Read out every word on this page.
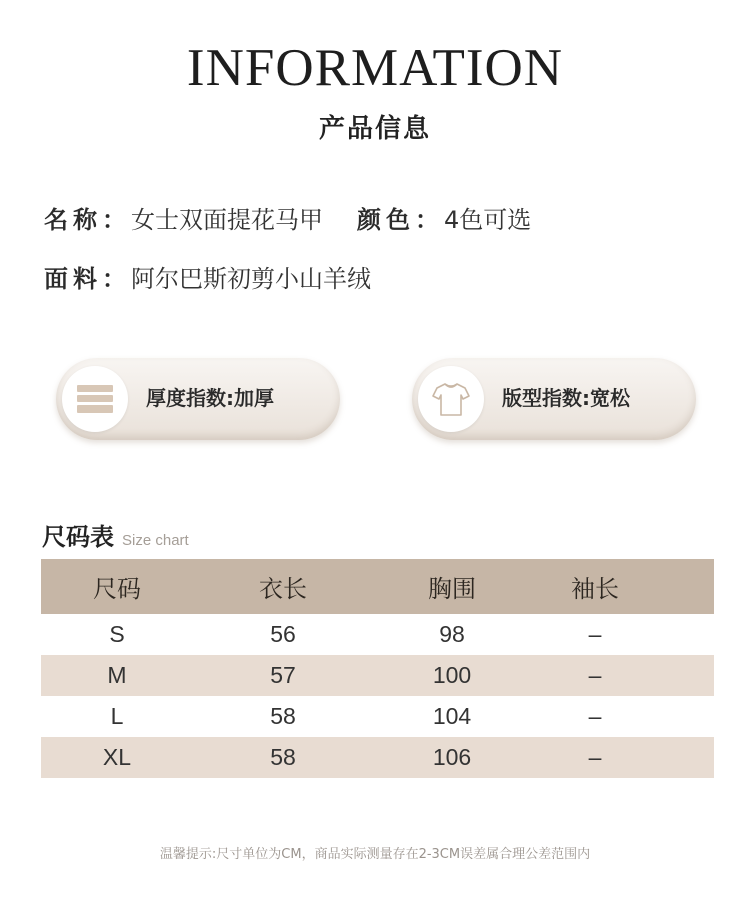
INFORMATION
产品信息
名称：女士双面提花马甲 颜色：4色可选
面料：阿尔巴斯初剪小山羊绒
厚度指数:加厚	版型指数:宽松
尺码表 Size chart
尺码	衣长	胸围	袖长
S	56	98	–
M	57	100	–
L	58	104	–
XL	58	106	–
温馨提示:尺寸单位为CM，商品实际测量存在2-3CM误差属合理公差范围内
